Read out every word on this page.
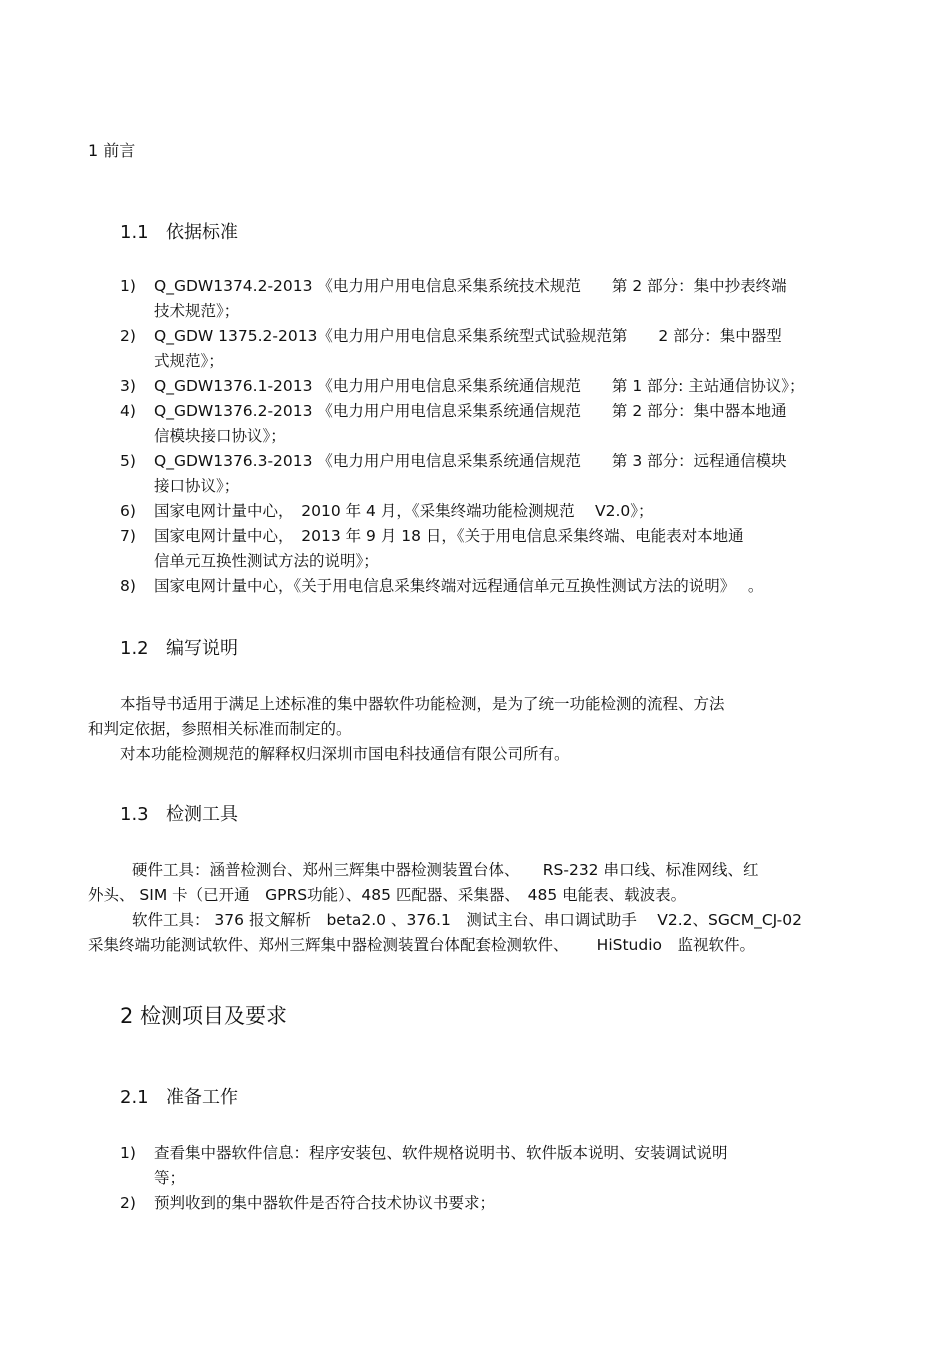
1 前言
1.1 依据标准
1)	Q_GDW1374.2-2013 《电力用户用电信息采集系统技术规范　　第 2 部分：集中抄表终端
技术规范》；
2)	Q_GDW 1375.2-2013《电力用户用电信息采集系统型式试验规范第　　2 部分：集中器型
式规范》；
3)	Q_GDW1376.1-2013 《电力用户用电信息采集系统通信规范　　第 1 部分: 主站通信协议》；
4)	Q_GDW1376.2-2013 《电力用户用电信息采集系统通信规范　　第 2 部分：集中器本地通
信模块接口协议》；
5)	Q_GDW1376.3-2013 《电力用户用电信息采集系统通信规范　　第 3 部分：远程通信模块
接口协议》；
6)	国家电网计量中心，　2010 年 4 月，《采集终端功能检测规范　 V2.0》；
7)	国家电网计量中心，　2013 年 9 月 18 日，《关于用电信息采集终端、电能表对本地通
信单元互换性测试方法的说明》；
8)	国家电网计量中心，《关于用电信息采集终端对远程通信单元互换性测试方法的说明》　 。
1.2 编写说明
本指导书适用于满足上述标准的集中器软件功能检测，是为了统一功能检测的流程、方法
和判定依据，参照相关标准而制定的。
对本功能检测规范的解释权归深圳市国电科技通信有限公司所有。
1.3 检测工具
硬件工具：涵普检测台、郑州三辉集中器检测装置台体、　　RS-232 串口线、标准网线、红
外头、 SIM 卡（已开通　GPRS功能）、485 匹配器、采集器、　485 电能表、载波表。
软件工具： 376 报文解析　beta2.0 、376.1　测试主台、串口调试助手　 V2.2、SGCM_CJ-02
采集终端功能测试软件、郑州三辉集中器检测装置台体配套检测软件、　　 HiStudio　监视软件。
2 检测项目及要求
2.1 准备工作
1)	查看集中器软件信息：程序安装包、软件规格说明书、软件版本说明、安装调试说明
等；
2)	预判收到的集中器软件是否符合技术协议书要求；
